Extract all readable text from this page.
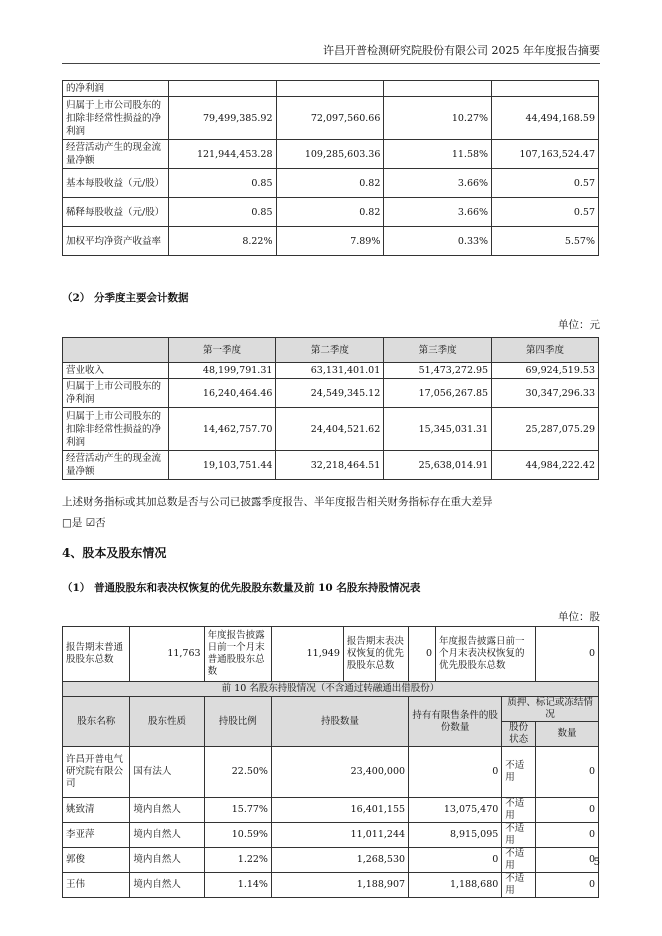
许昌开普检测研究院股份有限公司 2025 年年度报告摘要
的净利润				
归属于上市公司股东的扣除非经常性损益的净利润	79,499,385.92	72,097,560.66	10.27%	44,494,168.59
经营活动产生的现金流量净额	121,944,453.28	109,285,603.36	11.58%	107,163,524.47
基本每股收益（元/股）	0.85	0.82	3.66%	0.57
稀释每股收益（元/股）	0.85	0.82	3.66%	0.57
加权平均净资产收益率	8.22%	7.89%	0.33%	5.57%
（2） 分季度主要会计数据
单位：元
	第一季度	第二季度	第三季度	第四季度
营业收入	48,199,791.31	63,131,401.01	51,473,272.95	69,924,519.53
归属于上市公司股东的净利润	16,240,464.46	24,549,345.12	17,056,267.85	30,347,296.33
归属于上市公司股东的扣除非经常性损益的净利润	14,462,757.70	24,404,521.62	15,345,031.31	25,287,075.29
经营活动产生的现金流量净额	19,103,751.44	32,218,464.51	25,638,014.91	44,984,222.42
上述财务指标或其加总数是否与公司已披露季度报告、半年度报告相关财务指标存在重大差异
□是 ☑否
4、股本及股东情况
（1） 普通股股东和表决权恢复的优先股股东数量及前 10 名股东持股情况表
单位：股
报告期末普通股股东总数	11,763	年度报告披露日前一个月末普通股股东总数	11,949	报告期末表决权恢复的优先股股东总数	0	年度报告披露日前一个月末表决权恢复的优先股股东总数		0
前 10 名股东持股情况（不含通过转融通出借股份）								
股东名称	股东性质	持股比例	持股数量		持有有限售条件的股份数量		质押、标记或冻结情况	
							股份状态	数量
许昌开普电气研究院有限公司	国有法人	22.50%	23,400,000		0		不适用	0
姚致清	境内自然人	15.77%	16,401,155		13,075,470		不适用	0
李亚萍	境内自然人	10.59%	11,011,244		8,915,095		不适用	0
郭俊	境内自然人	1.22%	1,268,530		0		不适用	0
王伟	境内自然人	1.14%	1,188,907		1,188,680		不适用	0
5
